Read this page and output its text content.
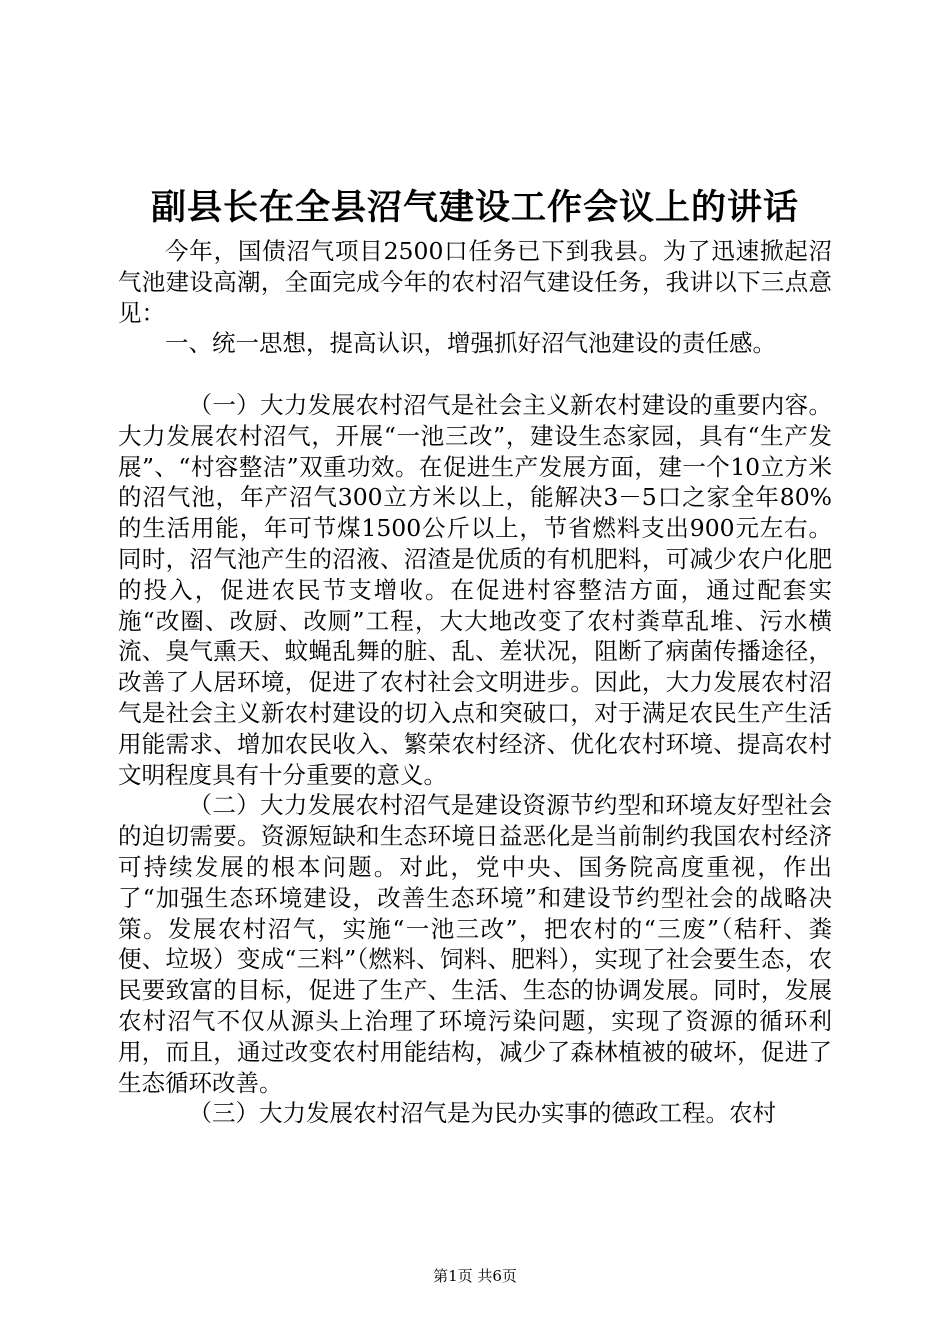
副县长在全县沼气建设工作会议上的讲话

今年，国债沼气项目2500口任务已下到我县。为了迅速掀起沼气池建设高潮，全面完成今年的农村沼气建设任务，我讲以下三点意见：

一、统一思想，提高认识，增强抓好沼气池建设的责任感。

（一）大力发展农村沼气是社会主义新农村建设的重要内容。大力发展农村沼气，开展“一池三改”，建设生态家园，具有“生产发展”、“村容整洁”双重功效。在促进生产发展方面，建一个10立方米的沼气池，年产沼气300立方米以上，能解决3－5口之家全年80%的生活用能，年可节煤1500公斤以上，节省燃料支出900元左右。同时，沼气池产生的沼液、沼渣是优质的有机肥料，可减少农户化肥的投入，促进农民节支增收。在促进村容整洁方面，通过配套实施“改圈、改厨、改厕”工程，大大地改变了农村粪草乱堆、污水横流、臭气熏天、蚊蝇乱舞的脏、乱、差状况，阻断了病菌传播途径，改善了人居环境，促进了农村社会文明进步。因此，大力发展农村沼气是社会主义新农村建设的切入点和突破口，对于满足农民生产生活用能需求、增加农民收入、繁荣农村经济、优化农村环境、提高农村文明程度具有十分重要的意义。

（二）大力发展农村沼气是建设资源节约型和环境友好型社会的迫切需要。资源短缺和生态环境日益恶化是当前制约我国农村经济可持续发展的根本问题。对此，党中央、国务院高度重视，作出了“加强生态环境建设，改善生态环境”和建设节约型社会的战略决策。发展农村沼气，实施“一池三改”，把农村的“三废”（秸秆、粪便、垃圾）变成“三料”（燃料、饲料、肥料），实现了社会要生态，农民要致富的目标，促进了生产、生活、生态的协调发展。同时，发展农村沼气不仅从源头上治理了环境污染问题，实现了资源的循环利用，而且，通过改变农村用能结构，减少了森林植被的破坏，促进了生态循环改善。

（三）大力发展农村沼气是为民办实事的德政工程。农村

第1页 共6页
